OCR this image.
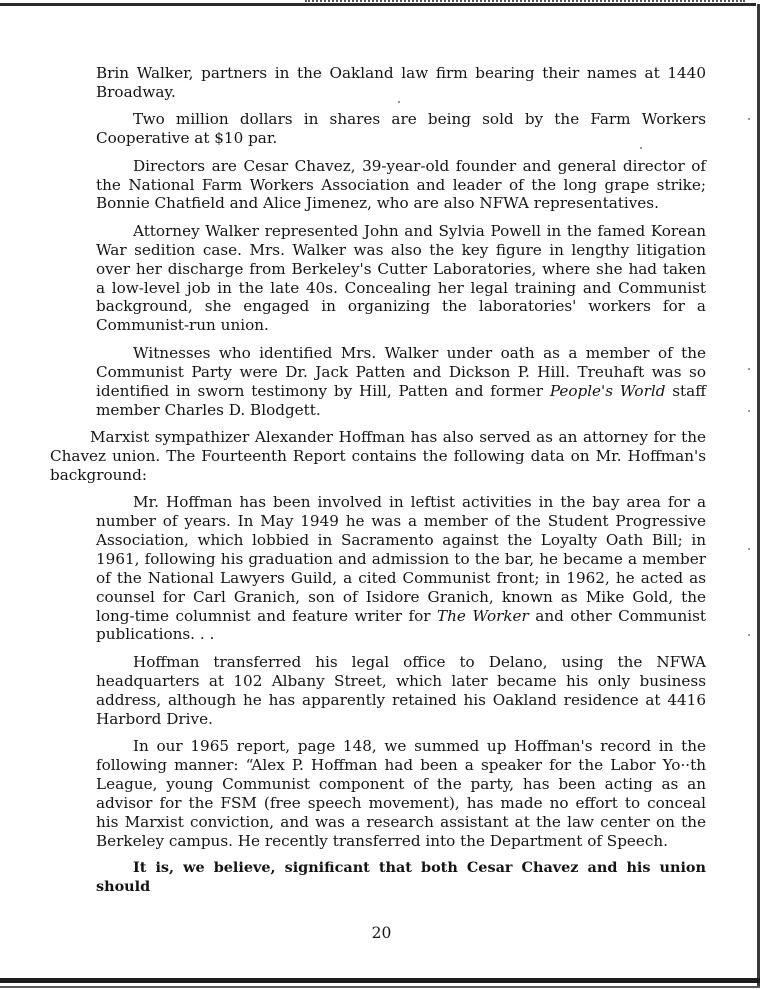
Brin Walker, partners in the Oakland law firm bearing their names at 1440 Broadway.

Two million dollars in shares are being sold by the Farm Workers Cooperative at $10 par.

Directors are Cesar Chavez, 39-year-old founder and general director of the National Farm Workers Association and leader of the long grape strike; Bonnie Chatfield and Alice Jimenez, who are also NFWA representatives.

Attorney Walker represented John and Sylvia Powell in the famed Korean War sedition case. Mrs. Walker was also the key figure in lengthy litigation over her discharge from Berkeley's Cutter Laboratories, where she had taken a low-level job in the late 40s. Concealing her legal training and Communist background, she engaged in organizing the laboratories' workers for a Communist-run union.

Witnesses who identified Mrs. Walker under oath as a member of the Communist Party were Dr. Jack Patten and Dickson P. Hill. Treuhaft was so identified in sworn testimony by Hill, Patten and former People's World staff member Charles D. Blodgett.

Marxist sympathizer Alexander Hoffman has also served as an attorney for the Chavez union. The Fourteenth Report contains the following data on Mr. Hoffman's background:

Mr. Hoffman has been involved in leftist activities in the bay area for a number of years. In May 1949 he was a member of the Student Progressive Association, which lobbied in Sacramento against the Loyalty Oath Bill; in 1961, following his graduation and admission to the bar, he became a member of the National Lawyers Guild, a cited Communist front; in 1962, he acted as counsel for Carl Granich, son of Isidore Granich, known as Mike Gold, the long-time columnist and feature writer for The Worker and other Communist publications. . .

Hoffman transferred his legal office to Delano, using the NFWA headquarters at 102 Albany Street, which later became his only business address, although he has apparently retained his Oakland residence at 4416 Harbord Drive.

In our 1965 report, page 148, we summed up Hoffman's record in the following manner: “Alex P. Hoffman had been a speaker for the Labor Yo··th League, young Communist component of the party, has been acting as an advisor for the FSM (free speech movement), has made no effort to conceal his Marxist conviction, and was a research assistant at the law center on the Berkeley campus. He recently transferred into the Department of Speech.

It is, we believe, significant that both Cesar Chavez and his union should

20
